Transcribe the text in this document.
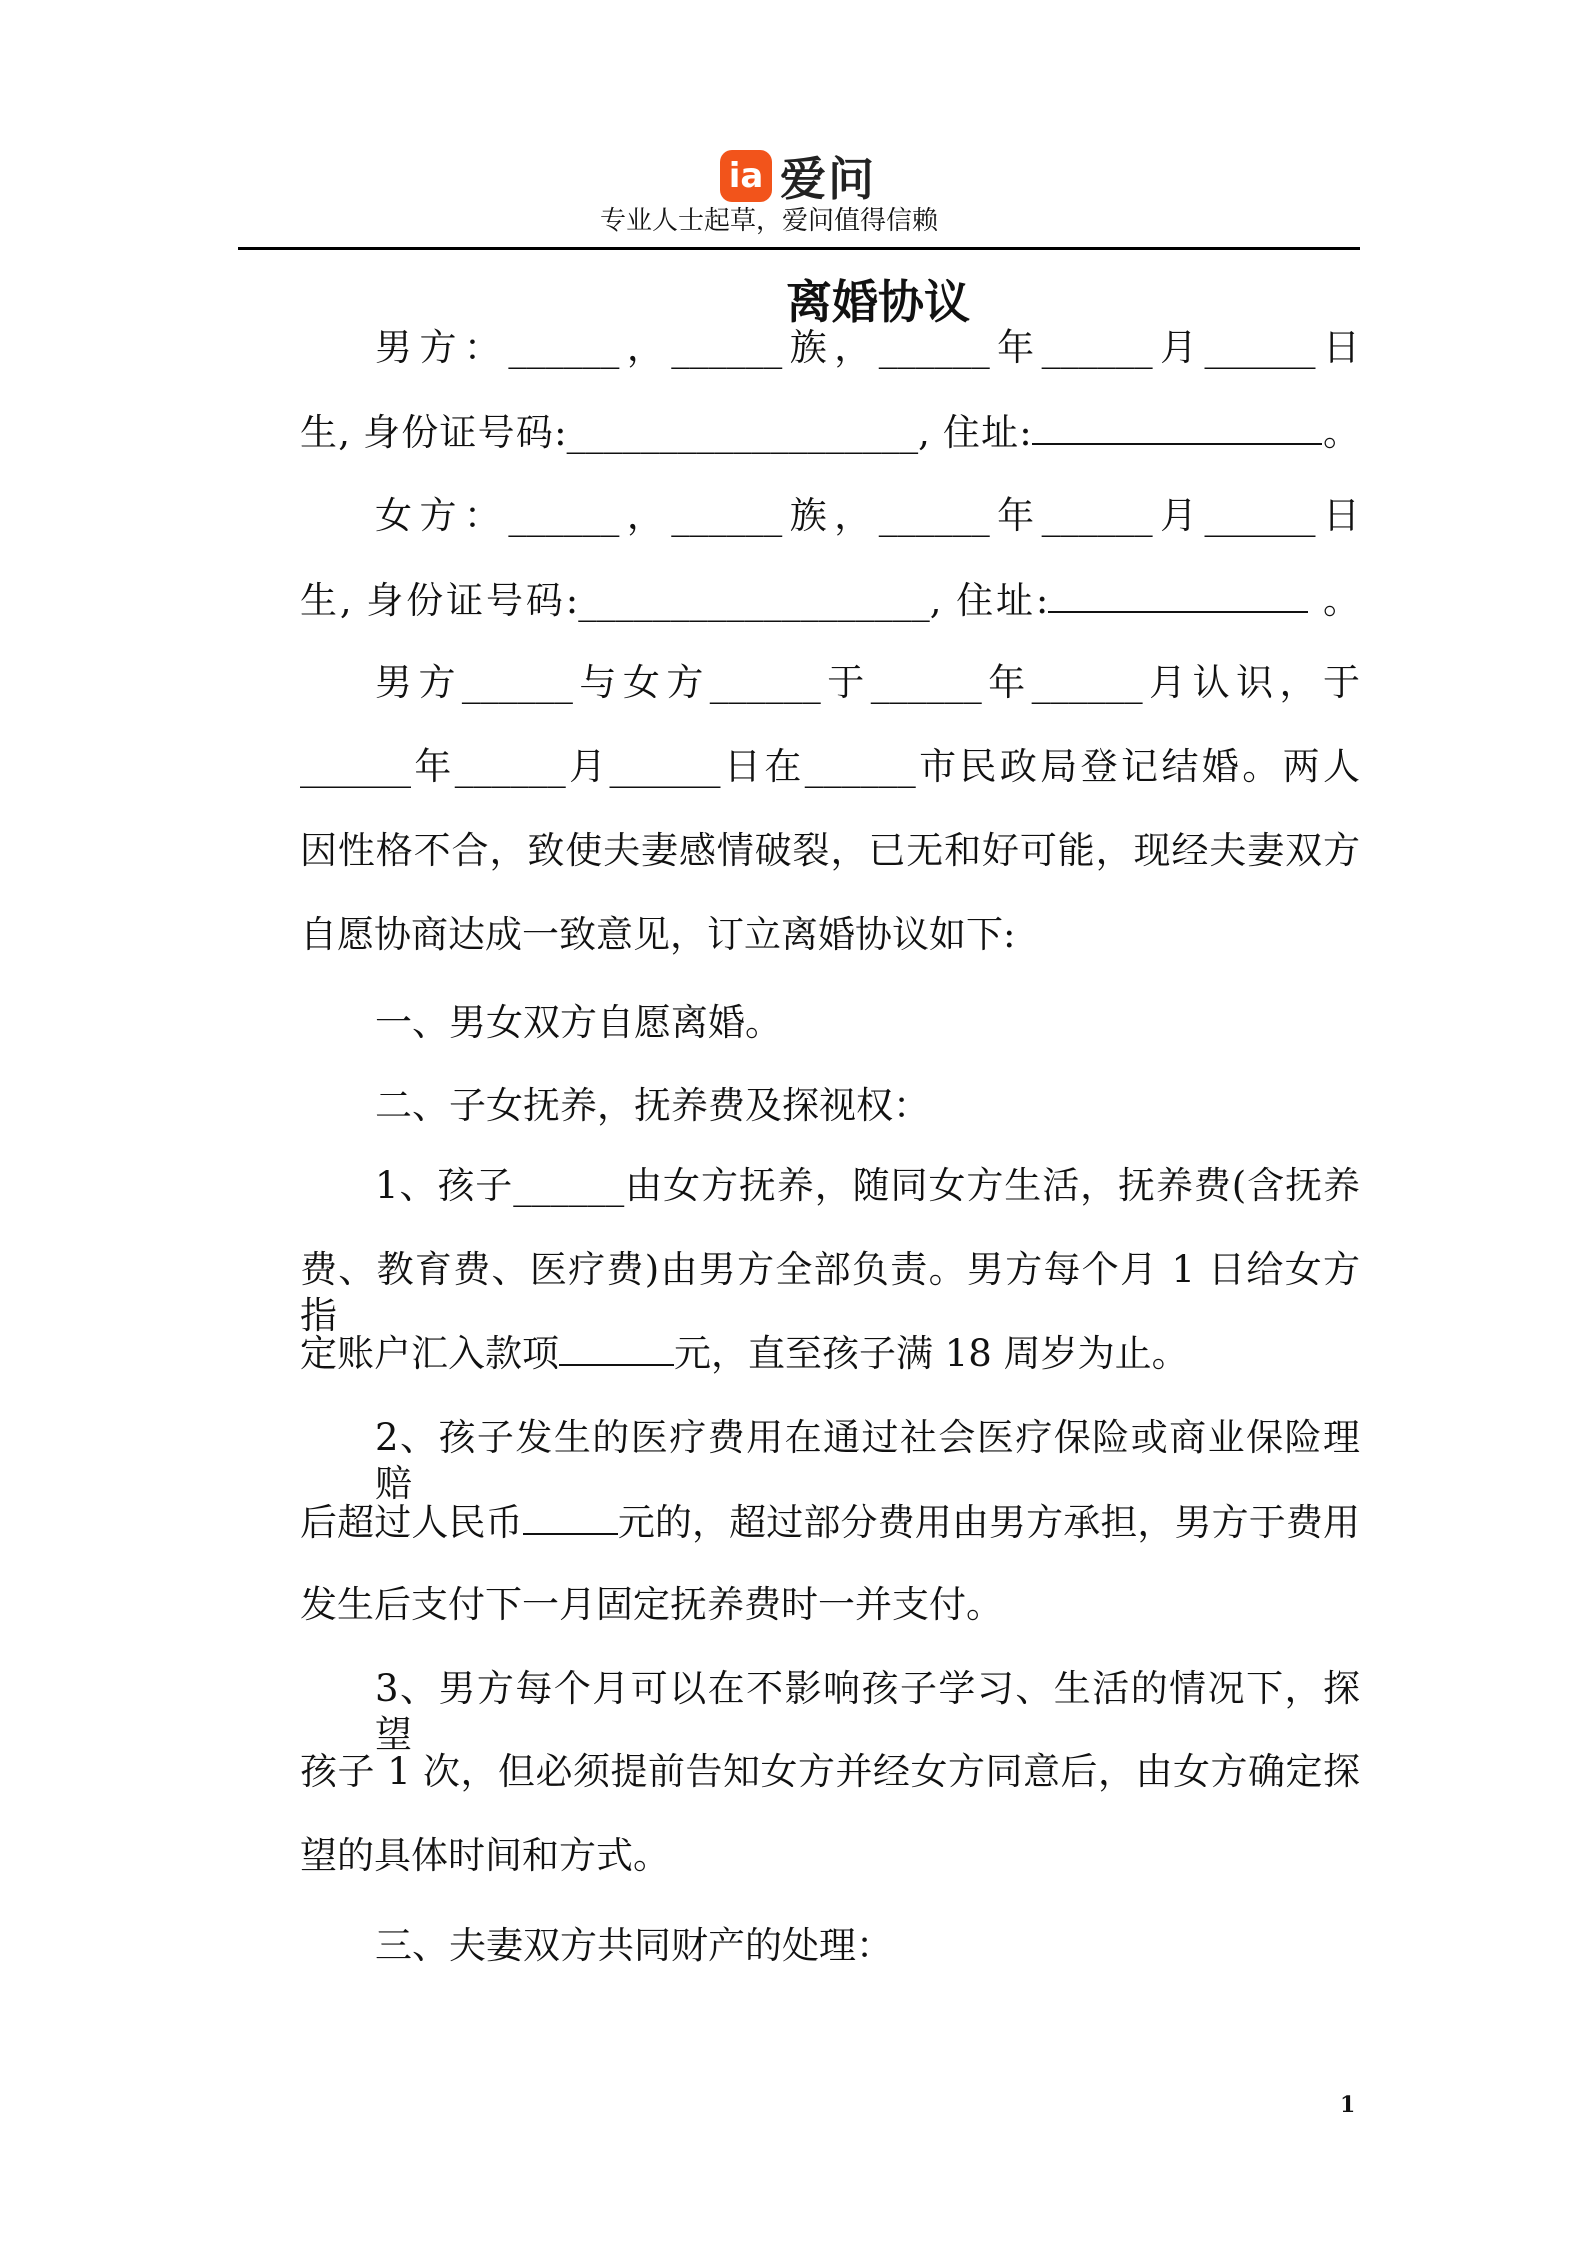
ia 爱问
专业人士起草，爱问值得信赖
离婚协议
男方：______，______族，______年______月______日
生, 身份证号码:___________________, 住址:	。
女方：______，______族，______年______月______日
生, 身份证号码:___________________, 住址:	。
男方______与女方______于______年______月认识，于
______年______月______日在______市民政局登记结婚。两人
因性格不合，致使夫妻感情破裂，已无和好可能，现经夫妻双方
自愿协商达成一致意见，订立离婚协议如下:
一、男女双方自愿离婚。
二、子女抚养，抚养费及探视权：
1、孩子______由女方抚养，随同女方生活，抚养费(含抚养
费、教育费、医疗费)由男方全部负责。男方每个月 1 日给女方指
定账户汇入款项	元，直至孩子满 18 周岁为止。
2、孩子发生的医疗费用在通过社会医疗保险或商业保险理赔
后超过人民币	元的，超过部分费用由男方承担，男方于费用
发生后支付下一月固定抚养费时一并支付。
3、男方每个月可以在不影响孩子学习、生活的情况下，探望
孩子 1 次，但必须提前告知女方并经女方同意后，由女方确定探
望的具体时间和方式。
三、夫妻双方共同财产的处理：
1
